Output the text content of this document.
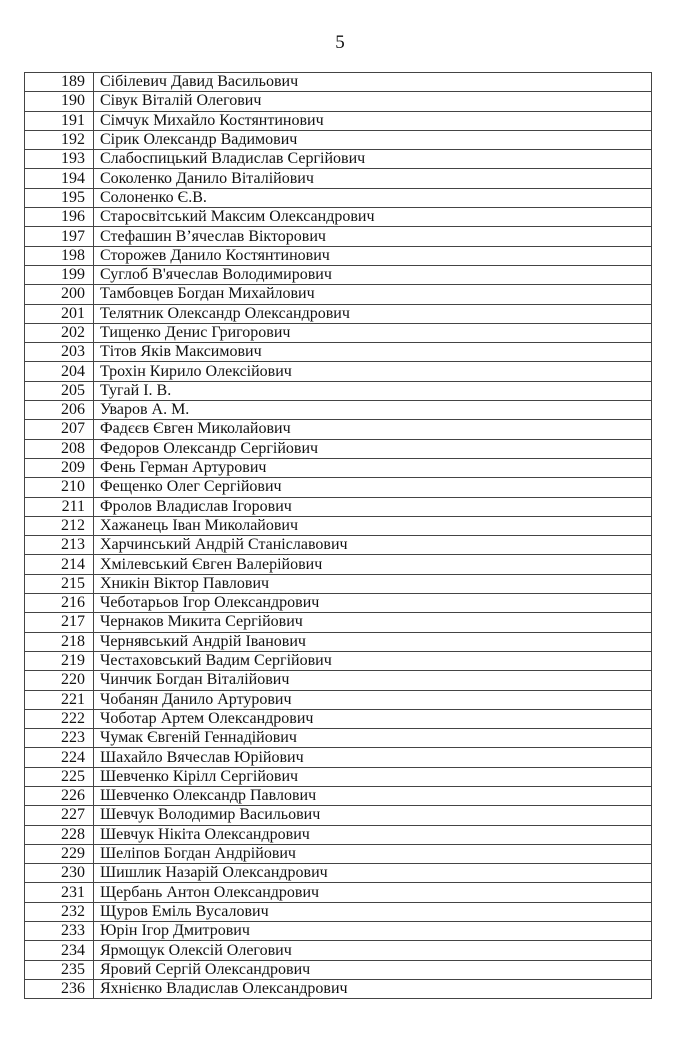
5
189	Сібілевич Давид Васильович
190	Сівук Віталій Олегович
191	Сімчук Михайло Костянтинович
192	Сірик Олександр Вадимович
193	Слабоспицький Владислав Сергійович
194	Соколенко Данило Віталійович
195	Солоненко Є.В.
196	Старосвітський Максим Олександрович
197	Стефашин В’ячеслав Вікторович
198	Сторожев Данило Костянтинович
199	Суглоб В'ячеслав Володимирович
200	Тамбовцев Богдан Михайлович
201	Телятник Олександр Олександрович
202	Тищенко Денис Григорович
203	Тітов Яків Максимович
204	Трохін Кирило Олексійович
205	Тугай І. В.
206	Уваров А. М.
207	Фадєєв Євген Миколайович
208	Федоров Олександр Сергійович
209	Фень Герман Артурович
210	Фещенко Олег Сергійович
211	Фролов Владислав Ігорович
212	Хажанець Іван Миколайович
213	Харчинський Андрій Станіславович
214	Хмілевський Євген Валерійович
215	Хникін Віктор Павлович
216	Чеботарьов Ігор Олександрович
217	Чернаков Микита Сергійович
218	Чернявський Андрій Іванович
219	Честаховський Вадим Сергійович
220	Чинчик Богдан Віталійович
221	Чобанян Данило Артурович
222	Чоботар Артем Олександрович
223	Чумак Євгеній Геннадійович
224	Шахайло Вячеслав Юрійович
225	Шевченко Кірілл Сергійович
226	Шевченко Олександр Павлович
227	Шевчук Володимир Васильович
228	Шевчук Нікіта Олександрович
229	Шеліпов Богдан Андрійович
230	Шишлик Назарій Олександрович
231	Щербань Антон Олександрович
232	Щуров Еміль Вусалович
233	Юрін Ігор Дмитрович
234	Ярмощук Олексій Олегович
235	Яровий Сергій Олександрович
236	Яхнієнко Владислав Олександрович
